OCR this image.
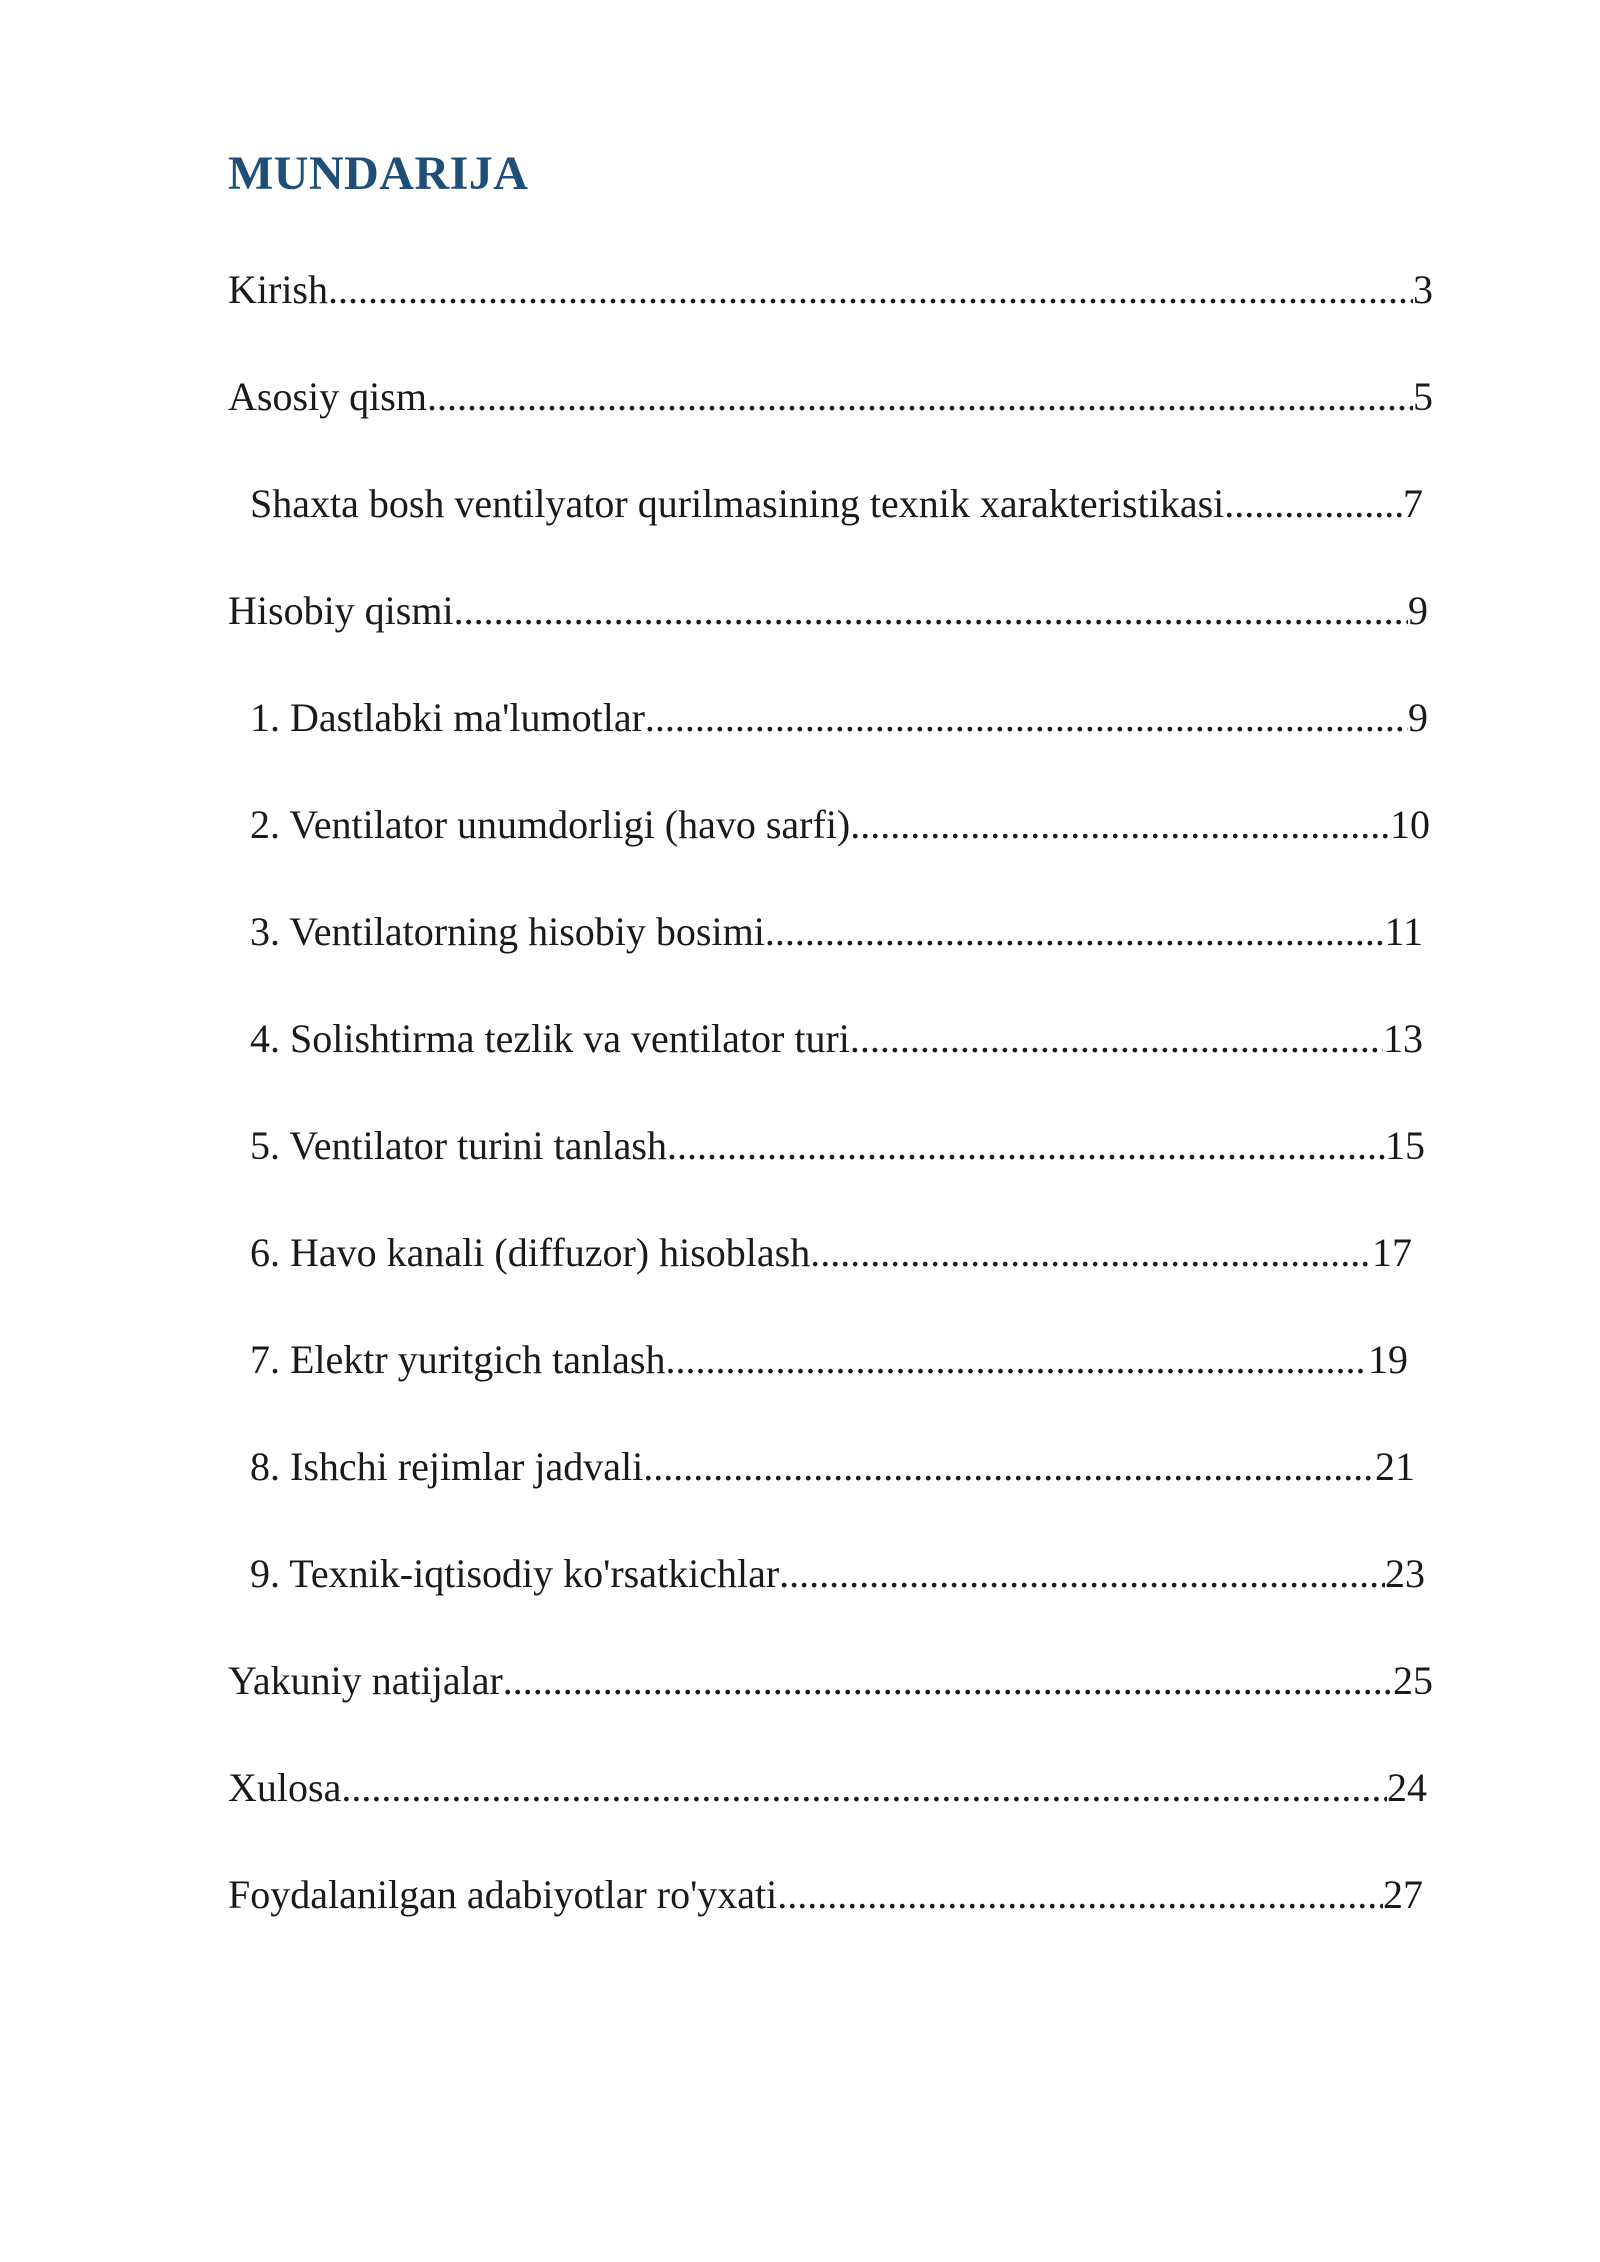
MUNDARIJA
Kirish .....	3
Asosiy qism .....	5
Shaxta bosh ventilyator qurilmasining texnik xarakteristikasi .....	7
Hisobiy qismi .....	9
1. Dastlabki ma'lumotlar .....	9
2. Ventilator unumdorligi (havo sarfi) .....	10
3. Ventilatorning hisobiy bosimi .....	11
4. Solishtirma tezlik va ventilator turi .....	13
5. Ventilator turini tanlash .....	15
6. Havo kanali (diffuzor) hisoblash .....	17
7. Elektr yuritgich tanlash .....	19
8. Ishchi rejimlar jadvali .....	21
9. Texnik-iqtisodiy ko'rsatkichlar .....	23
Yakuniy natijalar .....	25
Xulosa .....	24
Foydalanilgan adabiyotlar ro'yxati .....	27
